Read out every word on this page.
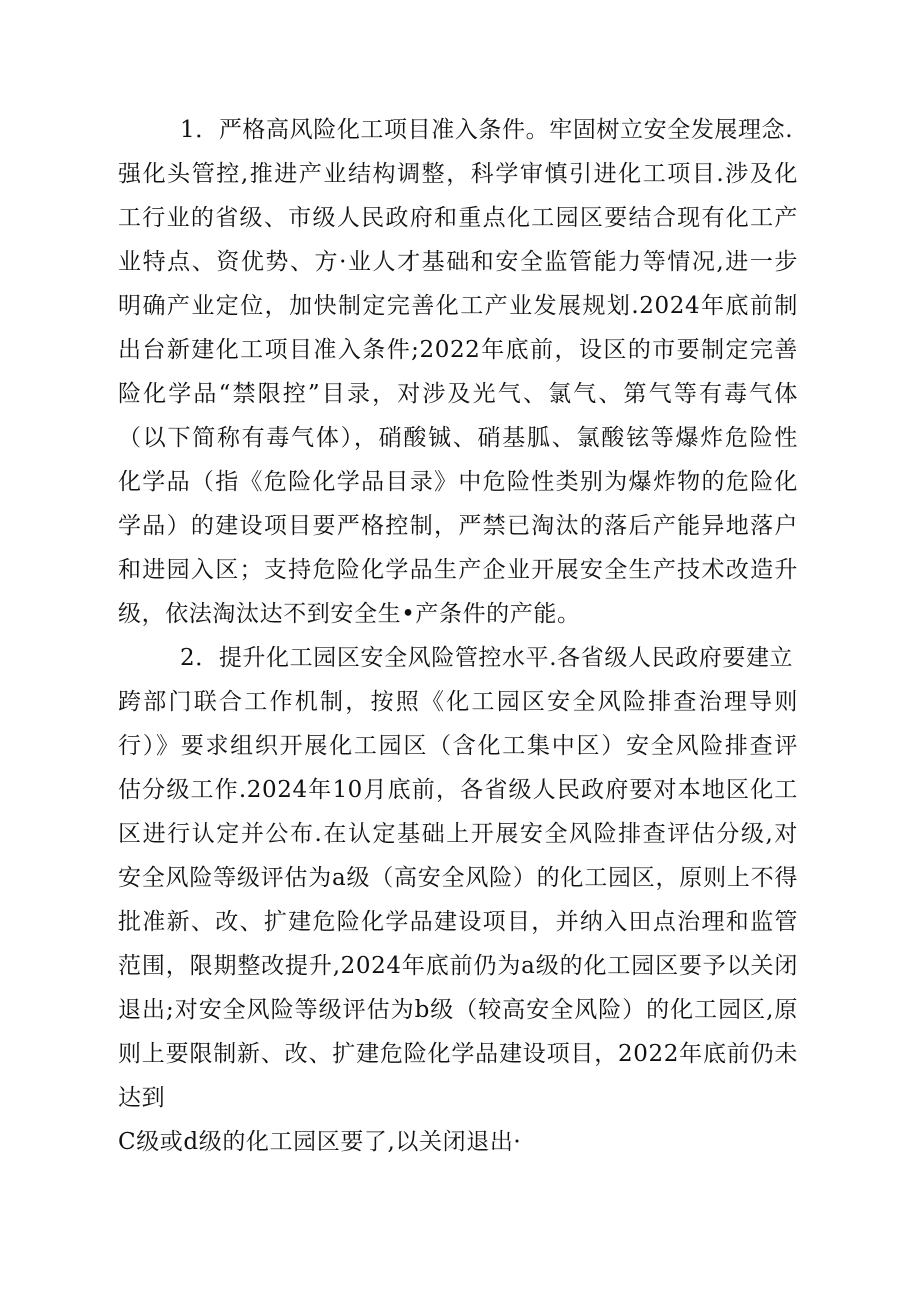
1．严格高风险化工项目准入条件。牢固树立安全发展理念.
强化头管控,推进产业结构调整，科学审慎引进化工项目.涉及化
工行业的省级、市级人民政府和重点化工园区要结合现有化工产
业特点、资优势、方·业人才基础和安全监管能力等情况,进一步
明确产业定位，加快制定完善化工产业发展规划.2024年底前制
出台新建化工项目准入条件;2022年底前，设区的市要制定完善
险化学品“禁限控”目录，对涉及光气、氯气、第气等有毒气体
（以下简称有毒气体），硝酸铖、硝基胍、氯酸铉等爆炸危险性
化学品（指《危险化学品目录》中危险性类别为爆炸物的危险化
学品）的建设项目要严格控制，严禁已淘汰的落后产能异地落户
和进园入区；支持危险化学品生产企业开展安全生产技术改造升
级，依法淘汰达不到安全生•产条件的产能。
2．提升化工园区安全风险管控水平.各省级人民政府要建立
跨部门联合工作机制，按照《化工园区安全风险排查治理导则
行）》要求组织开展化工园区（含化工集中区）安全风险排查评
估分级工作.2024年10月底前，各省级人民政府要对本地区化工
区进行认定并公布.在认定基础上开展安全风险排查评估分级,对
安全风险等级评估为a级（高安全风险）的化工园区，原则上不得
批准新、改、扩建危险化学品建设项目，并纳入田点治理和监管
范围，限期整改提升,2024年底前仍为a级的化工园区要予以关闭
退出;对安全风险等级评估为b级（较高安全风险）的化工园区,原
则上要限制新、改、扩建危险化学品建设项目，2022年底前仍未
达到
C级或d级的化工园区要了,以关闭退出·
